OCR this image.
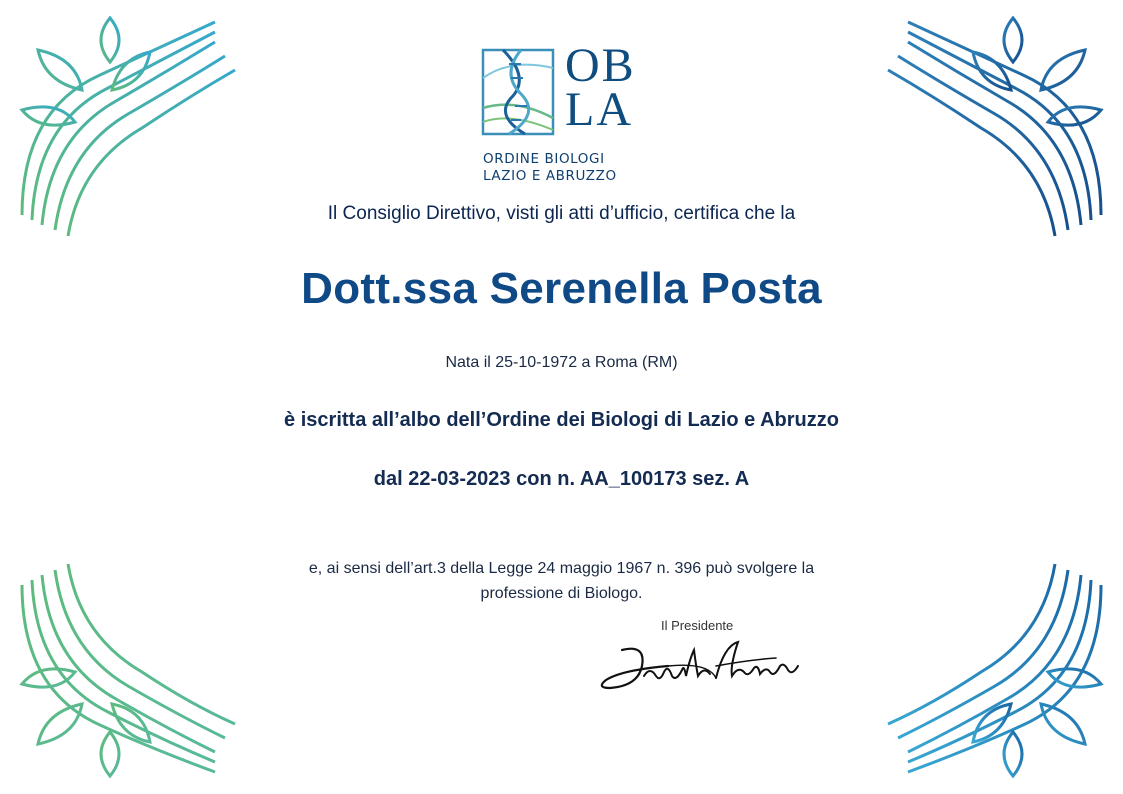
OB
LA
ORDINE BIOLOGI
LAZIO E ABRUZZO
Il Consiglio Direttivo, visti gli atti d’ufficio, certifica che la
Dott.ssa Serenella Posta
Nata il 25-10-1972 a Roma (RM)
è iscritta all’albo dell’Ordine dei Biologi di Lazio e Abruzzo
dal 22-03-2023 con n. AA_100173 sez. A
e, ai sensi dell’art.3 della Legge 24 maggio 1967 n. 396 può svolgere la
professione di Biologo.
Il Presidente
